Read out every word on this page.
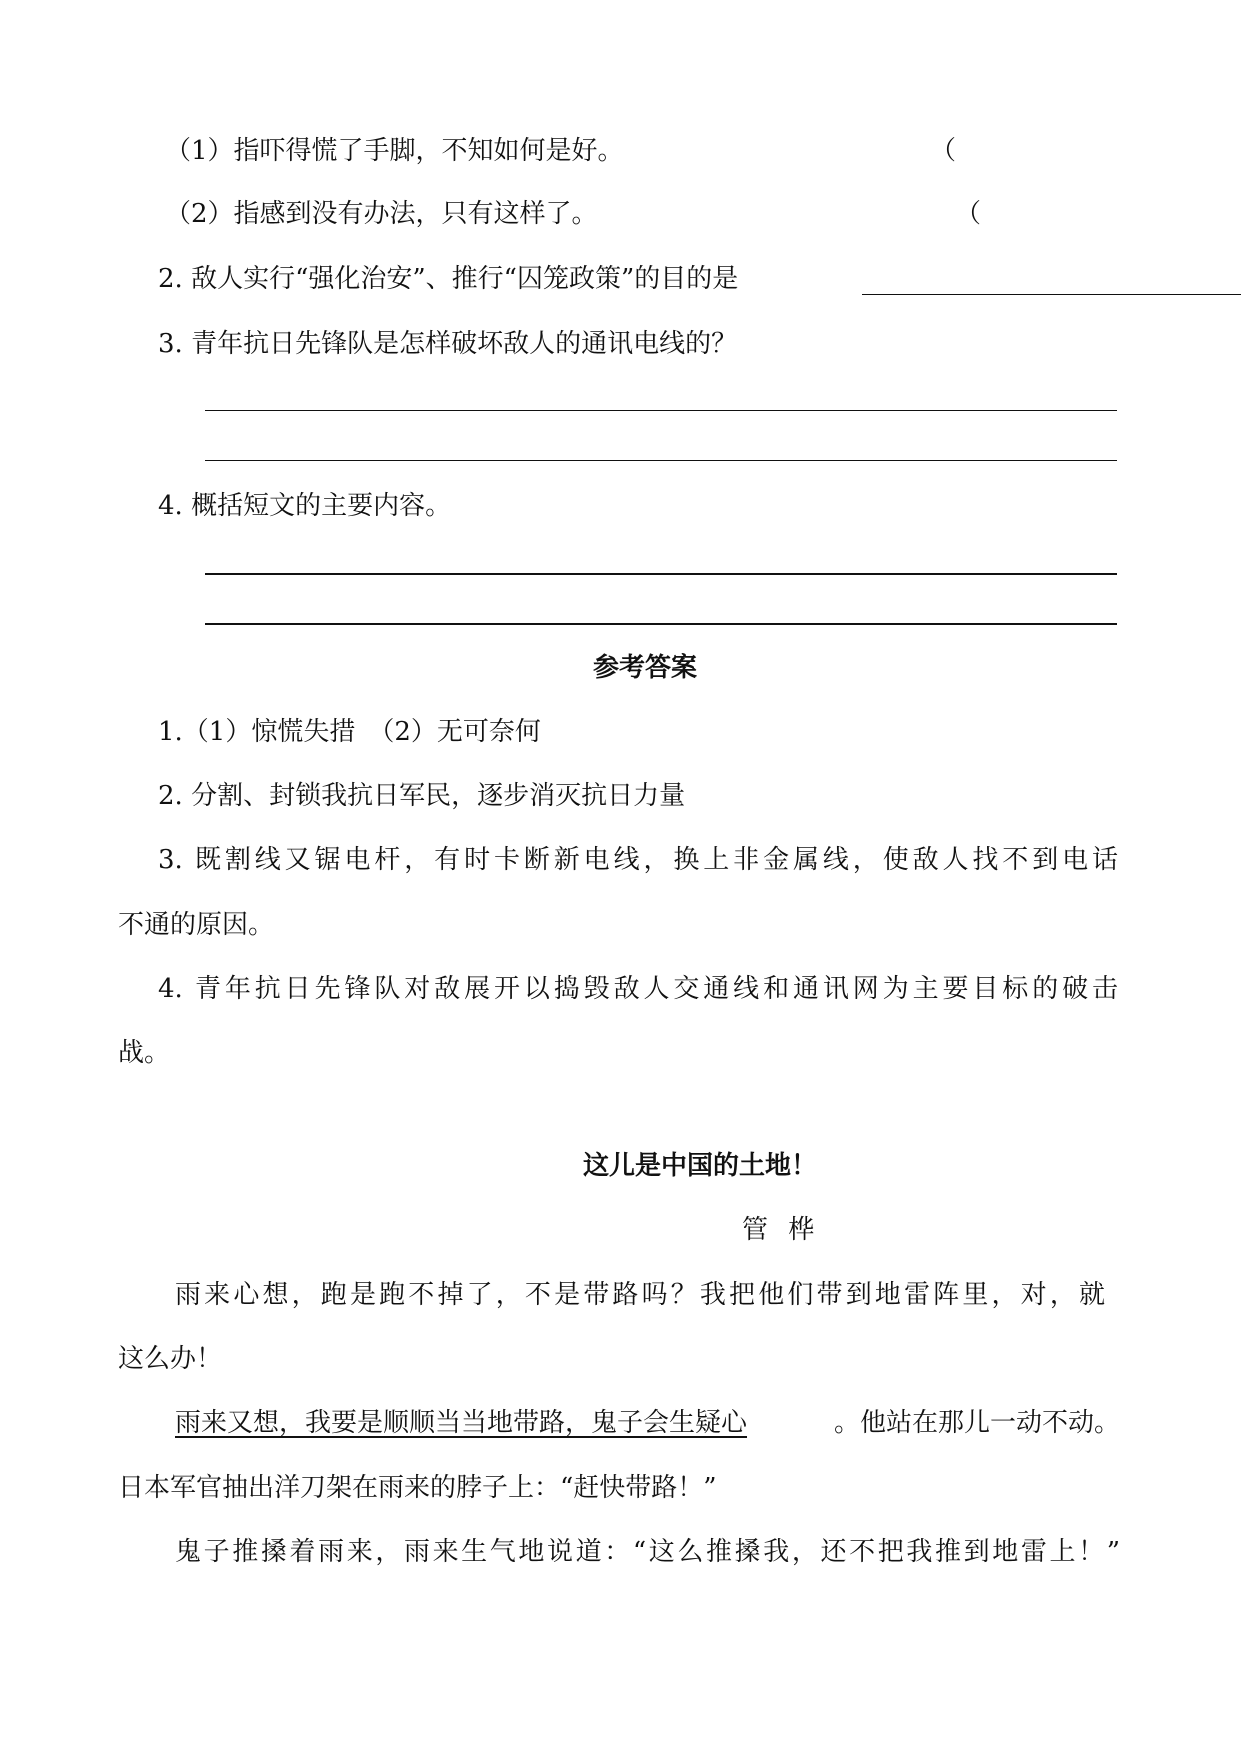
（1）指吓得慌了手脚，不知如何是好。	（
（2）指感到没有办法，只有这样了。	（
2. 敌人实行“强化治安”、推行“囚笼政策”的目的是
3. 青年抗日先锋队是怎样破坏敌人的通讯电线的？
4. 概括短文的主要内容。
参考答案
1.（1）惊慌失措　（2）无可奈何
2. 分割、封锁我抗日军民，逐步消灭抗日力量
3. 既割线又锯电杆，有时卡断新电线，换上非金属线，使敌人找不到电话
不通的原因。
4. 青年抗日先锋队对敌展开以捣毁敌人交通线和通讯网为主要目标的破击
战。
这儿是中国的土地！
管 桦
雨来心想，跑是跑不掉了，不是带路吗？我把他们带到地雷阵里，对，就
这么办！
雨来又想，我要是顺顺当当地带路，鬼子会生疑心	。他站在那儿一动不动。
日本军官抽出洋刀架在雨来的脖子上：“赶快带路！”
鬼子推搡着雨来，雨来生气地说道：“这么推搡我，还不把我推到地雷上！”
